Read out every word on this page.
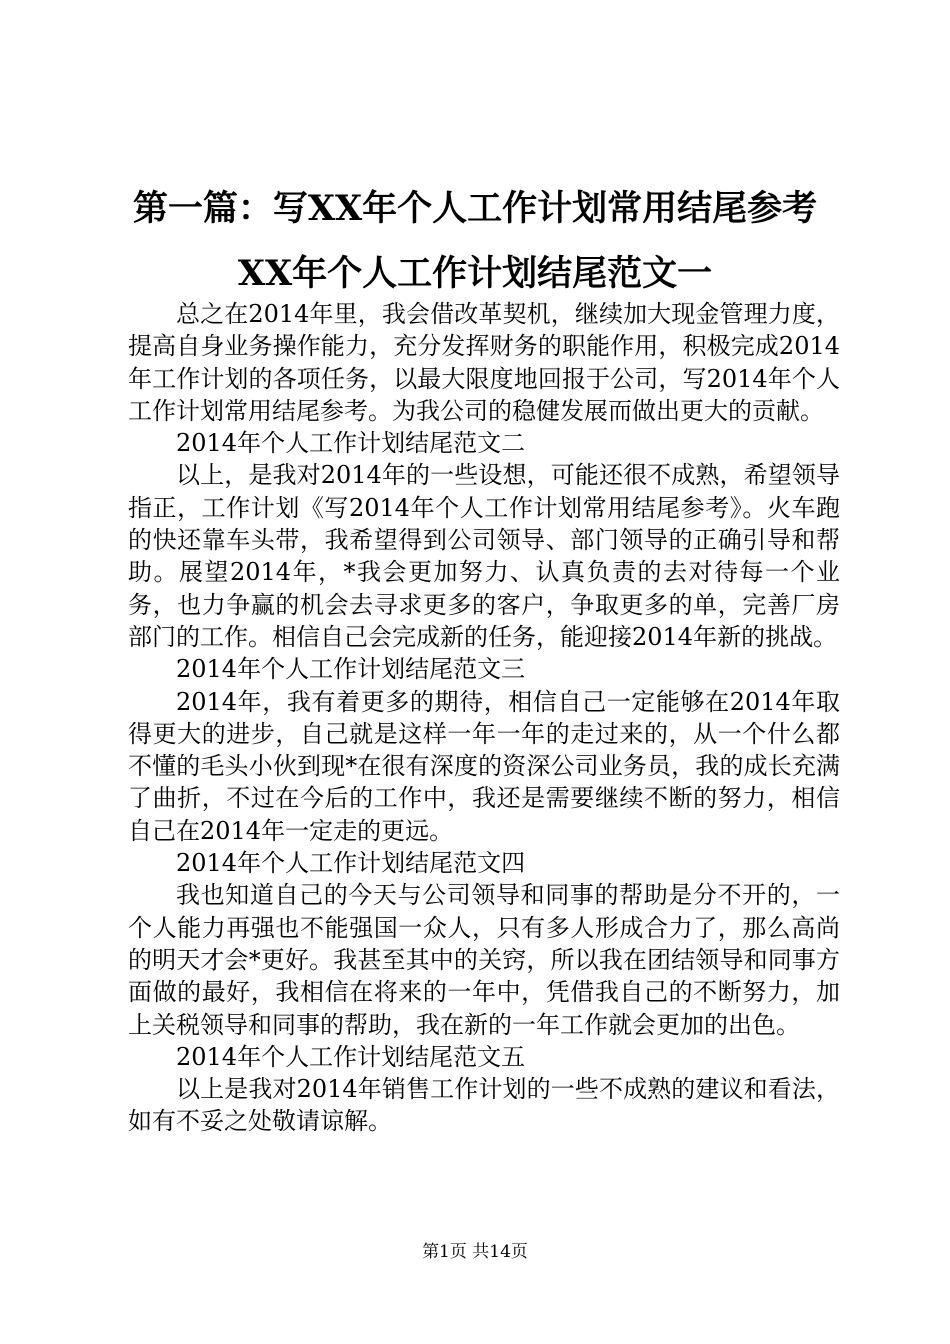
第一篇：写XX年个人工作计划常用结尾参考
XX年个人工作计划结尾范文一

总之在2014年里，我会借改革契机，继续加大现金管理力度，提高自身业务操作能力，充分发挥财务的职能作用，积极完成2014年工作计划的各项任务，以最大限度地回报于公司，写2014年个人工作计划常用结尾参考。为我公司的稳健发展而做出更大的贡献。

2014年个人工作计划结尾范文二

以上，是我对2014年的一些设想，可能还很不成熟，希望领导指正，工作计划《写2014年个人工作计划常用结尾参考》。火车跑的快还靠车头带，我希望得到公司领导、部门领导的正确引导和帮助。展望2014年，*我会更加努力、认真负责的去对待每一个业务，也力争赢的机会去寻求更多的客户，争取更多的单，完善厂房部门的工作。相信自己会完成新的任务，能迎接2014年新的挑战。

2014年个人工作计划结尾范文三

2014年，我有着更多的期待，相信自己一定能够在2014年取得更大的进步，自己就是这样一年一年的走过来的，从一个什么都不懂的毛头小伙到现*在很有深度的资深公司业务员，我的成长充满了曲折，不过在今后的工作中，我还是需要继续不断的努力，相信自己在2014年一定走的更远。

2014年个人工作计划结尾范文四

我也知道自己的今天与公司领导和同事的帮助是分不开的，一个人能力再强也不能强国一众人，只有多人形成合力了，那么高尚的明天才会*更好。我甚至其中的关窍，所以我在团结领导和同事方面做的最好，我相信在将来的一年中，凭借我自己的不断努力，加上关税领导和同事的帮助，我在新的一年工作就会更加的出色。

2014年个人工作计划结尾范文五

以上是我对2014年销售工作计划的一些不成熟的建议和看法，如有不妥之处敬请谅解。

第1页 共14页
